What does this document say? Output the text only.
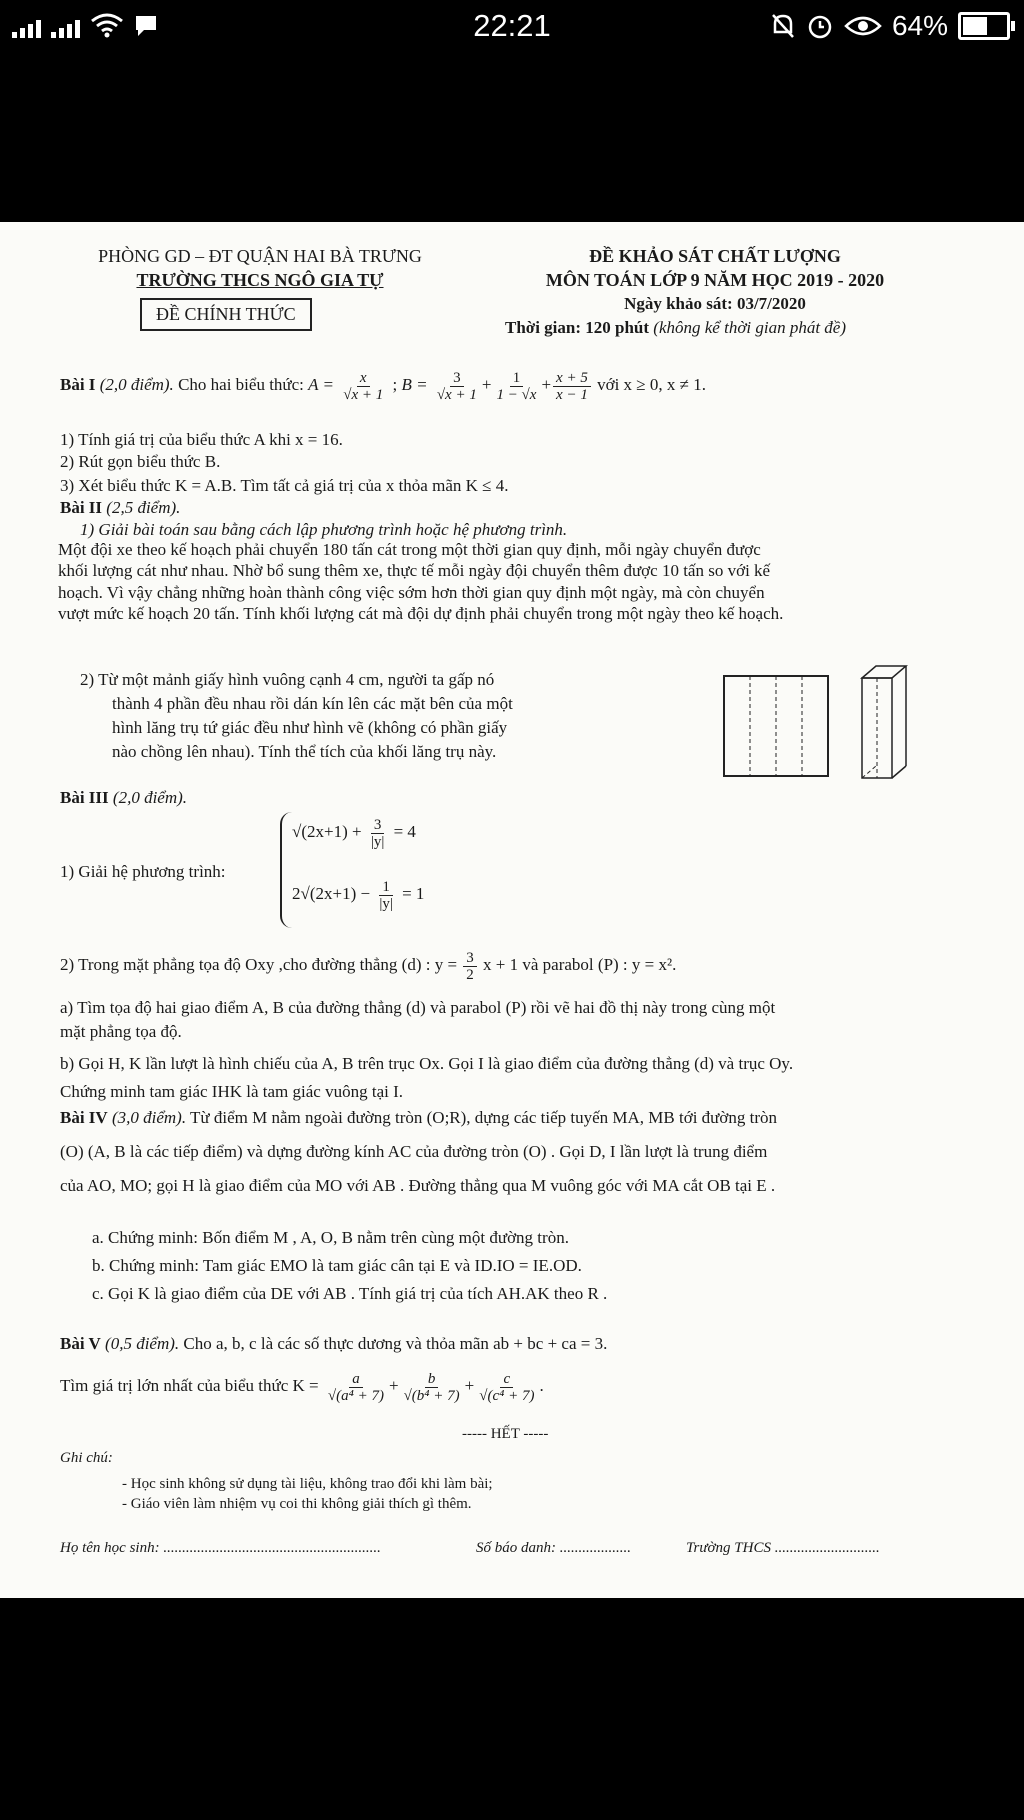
22:21	64%
PHÒNG GD – ĐT QUẬN HAI BÀ TRƯNG
TRƯỜNG THCS NGÔ GIA TỰ
ĐỀ CHÍNH THỨC
ĐỀ KHẢO SÁT CHẤT LƯỢNG
MÔN TOÁN LỚP 9 NĂM HỌC 2019 - 2020
Ngày khảo sát: 03/7/2020
Thời gian: 120 phút (không kể thời gian phát đề)
Bài I (2,0 điểm). Cho hai biểu thức: $A = \frac{x}{√x + 1}$ ; $B = \frac{3}{√x + 1} + \frac{1}{1 - √x} + \frac{x + 5}{x - 1}$ với x ≥ 0, x ≠ 1.
1) Tính giá trị của biểu thức A khi x = 16.
2) Rút gọn biểu thức B.
3) Xét biểu thức K = A.B. Tìm tất cả giá trị của x thỏa mãn K ≤ 4.
Bài II (2,5 điểm).
1) Giải bài toán sau bằng cách lập phương trình hoặc hệ phương trình.
Một đội xe theo kế hoạch phải chuyển 180 tấn cát trong một thời gian quy định, mỗi ngày chuyển được
khối lượng cát như nhau. Nhờ bổ sung thêm xe, thực tế mỗi ngày đội chuyển thêm được 10 tấn so với kế
hoạch. Vì vậy chẳng những hoàn thành công việc sớm hơn thời gian quy định một ngày, mà còn chuyển
vượt mức kế hoạch 20 tấn. Tính khối lượng cát mà đội dự định phải chuyển trong một ngày theo kế hoạch.
2) Từ một mảnh giấy hình vuông cạnh 4 cm, người ta gấp nó
thành 4 phần đều nhau rồi dán kín lên các mặt bên của một
hình lăng trụ tứ giác đều như hình vẽ (không có phần giấy
nào chồng lên nhau). Tính thể tích của khối lăng trụ này.
Bài III (2,0 điểm).
1) Giải hệ phương trình:
$√(2x+1) + \frac{3}{|y|} = 4$
$2√(2x+1) - \frac{1}{|y|} = 1$
2) Trong mặt phẳng tọa độ Oxy ,cho đường thẳng (d) : $y = \frac{3}{2}$ x + 1 và parabol (P) : y = x².
a) Tìm tọa độ hai giao điểm A, B của đường thẳng (d) và parabol (P) rồi vẽ hai đồ thị này trong cùng một
mặt phẳng tọa độ.
b) Gọi H, K lần lượt là hình chiếu của A, B trên trục Ox. Gọi I là giao điểm của đường thẳng (d) và trục Oy.
Chứng minh tam giác IHK là tam giác vuông tại I.
Bài IV (3,0 điểm). Từ điểm M nằm ngoài đường tròn (O;R), dựng các tiếp tuyến MA, MB tới đường tròn
(O) (A, B là các tiếp điểm) và dựng đường kính AC của đường tròn (O) . Gọi D, I lần lượt là trung điểm
của AO, MO; gọi H là giao điểm của MO với AB . Đường thẳng qua M vuông góc với MA cắt OB tại E .
a. Chứng minh: Bốn điểm M , A, O, B nằm trên cùng một đường tròn.
b. Chứng minh: Tam giác EMO là tam giác cân tại E và ID.IO = IE.OD.
c. Gọi K là giao điểm của DE với AB . Tính giá trị của tích AH.AK theo R .
Bài V (0,5 điểm). Cho a, b, c là các số thực dương và thỏa mãn ab + bc + ca = 3.
Tìm giá trị lớn nhất của biểu thức $K = \frac{a}{\text{√(a⁴ + 7)}} + \frac{b}{\text{√(b⁴ + 7)}} + \frac{c}{\text{√(c⁴ + 7)}}$ .
----- HẾT -----
Ghi chú:
- Học sinh không sử dụng tài liệu, không trao đổi khi làm bài;
- Giáo viên làm nhiệm vụ coi thi không giải thích gì thêm.
Họ tên học sinh: ..........................................................	Số báo danh: ...................	Trường THCS ............................
